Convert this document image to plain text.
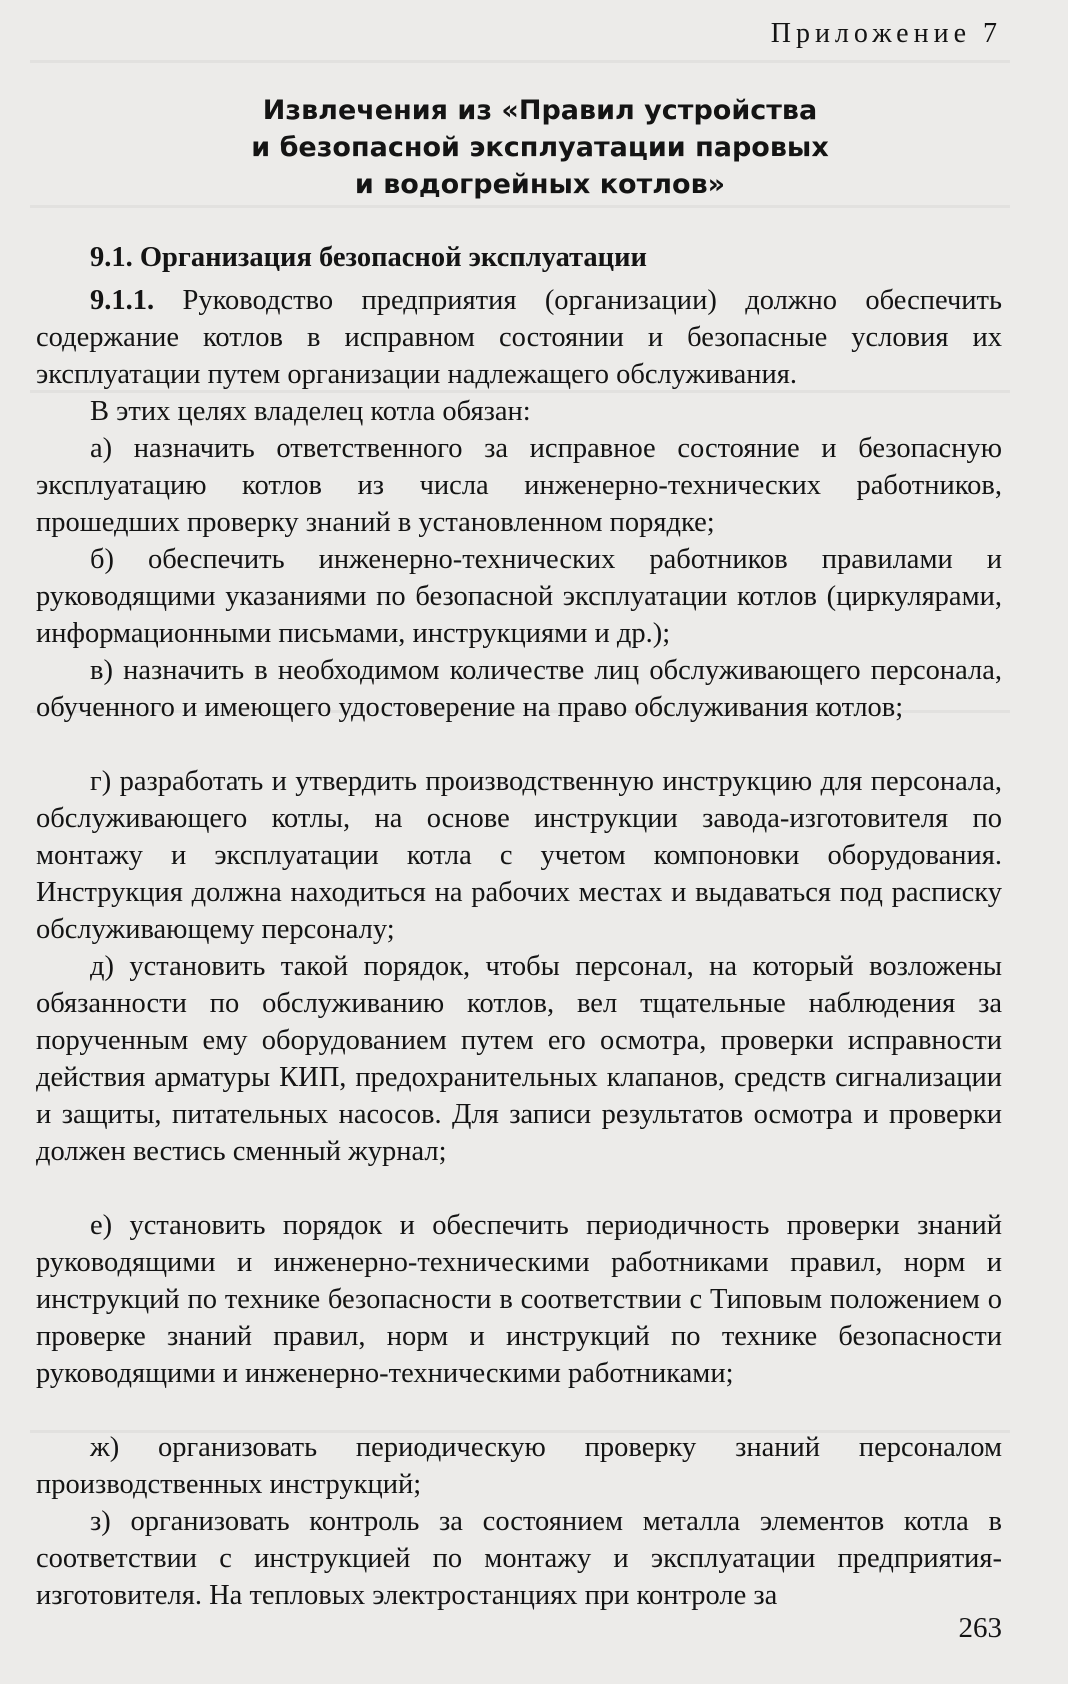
Приложение 7
Извлечения из «Правил устройства
и безопасной эксплуатации паровых
и водогрейных котлов»
9.1. Организация безопасной эксплуатации
9.1.1. Руководство предприятия (организации) должно обеспечить содержание котлов в исправном состоянии и безопасные условия их эксплуатации путем организации надлежащего обслуживания.
В этих целях владелец котла обязан:
а) назначить ответственного за исправное состояние и безопасную эксплуатацию котлов из числа инженерно-технических работников, прошедших проверку знаний в установленном порядке;
б) обеспечить инженерно-технических работников правилами и руководящими указаниями по безопасной эксплуатации котлов (циркулярами, информационными письмами, инструкциями и др.);
в) назначить в необходимом количестве лиц обслуживающего персонала, обученного и имеющего удостоверение на право обслуживания котлов;
г) разработать и утвердить производственную инструкцию для персонала, обслуживающего котлы, на основе инструкции завода-изготовителя по монтажу и эксплуатации котла с учетом компоновки оборудования. Инструкция должна находиться на рабочих местах и выдаваться под расписку обслуживающему персоналу;
д) установить такой порядок, чтобы персонал, на который возложены обязанности по обслуживанию котлов, вел тщательные наблюдения за порученным ему оборудованием путем его осмотра, проверки исправности действия арматуры КИП, предохранительных клапанов, средств сигнализации и защиты, питательных насосов. Для записи результатов осмотра и проверки должен вестись сменный журнал;
е) установить порядок и обеспечить периодичность проверки знаний руководящими и инженерно-техническими работниками правил, норм и инструкций по технике безопасности в соответствии с Типовым положением о проверке знаний правил, норм и инструкций по технике безопасности руководящими и инженерно-техническими работниками;
ж) организовать периодическую проверку знаний персоналом производственных инструкций;
з) организовать контроль за состоянием металла элементов котла в соответствии с инструкцией по монтажу и эксплуатации предприятия-изготовителя. На тепловых электростанциях при контроле за
263
